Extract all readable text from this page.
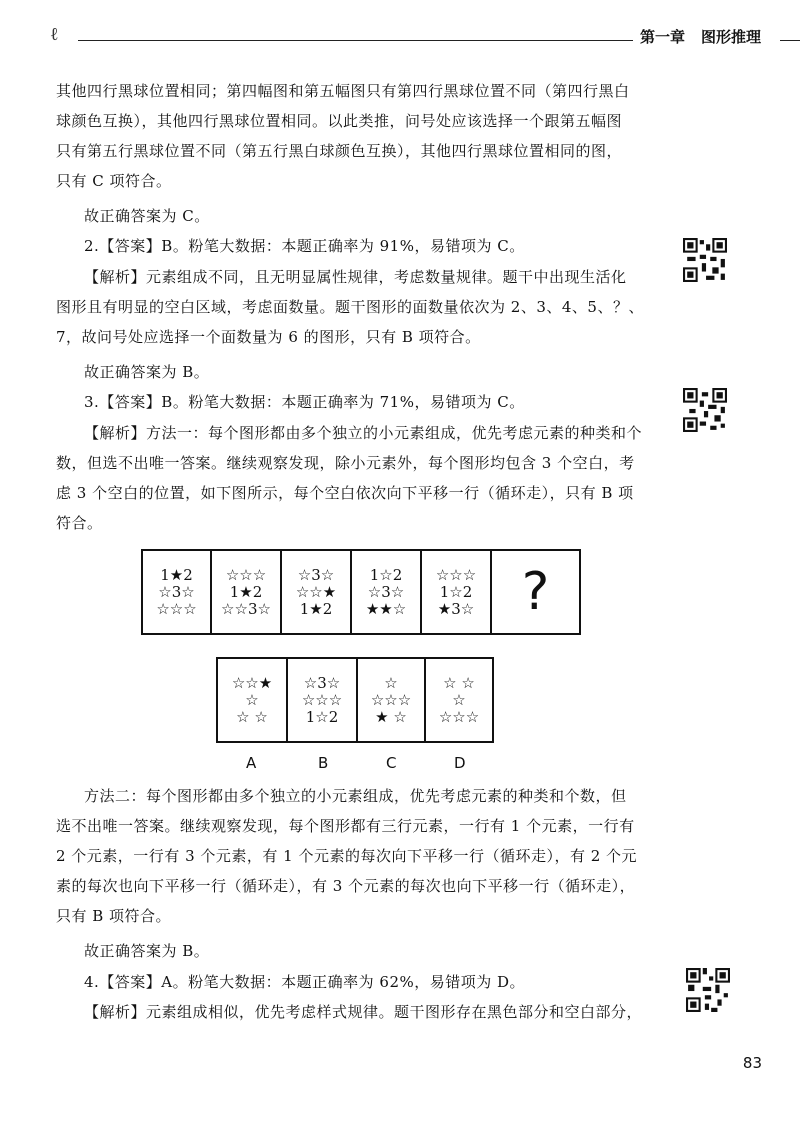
ℓ	第一章 图形推理
其他四行黑球位置相同；第四幅图和第五幅图只有第四行黑球位置不同（第四行黑白
球颜色互换），其他四行黑球位置相同。以此类推，问号处应该选择一个跟第五幅图
只有第五行黑球位置不同（第五行黑白球颜色互换），其他四行黑球位置相同的图，
只有 C 项符合。
故正确答案为 C。
2.【答案】B。粉笔大数据：本题正确率为 91%，易错项为 C。
【解析】元素组成不同，且无明显属性规律，考虑数量规律。题干中出现生活化
图形且有明显的空白区域，考虑面数量。题干图形的面数量依次为 2、3、4、5、？、
7，故问号处应选择一个面数量为 6 的图形，只有 B 项符合。
故正确答案为 B。
3.【答案】B。粉笔大数据：本题正确率为 71%，易错项为 C。
【解析】方法一：每个图形都由多个独立的小元素组成，优先考虑元素的种类和个
数，但选不出唯一答案。继续观察发现，除小元素外，每个图形均包含 3 个空白，考
虑 3 个空白的位置，如下图所示，每个空白依次向下平移一行（循环走），只有 B 项
符合。
1★2
☆3☆
☆☆☆
☆☆☆
1★2
☆☆3☆
☆3☆
☆☆★
1★2
1☆2
☆3☆
★★☆
☆☆☆
1☆2
★3☆ ?
☆☆★
☆
☆ ☆
☆3☆
☆☆☆
1☆2
☆
☆☆☆
★ ☆
☆ ☆
☆
☆☆☆
A	B	C	D
方法二：每个图形都由多个独立的小元素组成，优先考虑元素的种类和个数，但
选不出唯一答案。继续观察发现，每个图形都有三行元素，一行有 1 个元素，一行有
2 个元素，一行有 3 个元素，有 1 个元素的每次向下平移一行（循环走），有 2 个元
素的每次也向下平移一行（循环走），有 3 个元素的每次也向下平移一行（循环走），
只有 B 项符合。
故正确答案为 B。
4.【答案】A。粉笔大数据：本题正确率为 62%，易错项为 D。
【解析】元素组成相似，优先考虑样式规律。题干图形存在黑色部分和空白部分，
83
